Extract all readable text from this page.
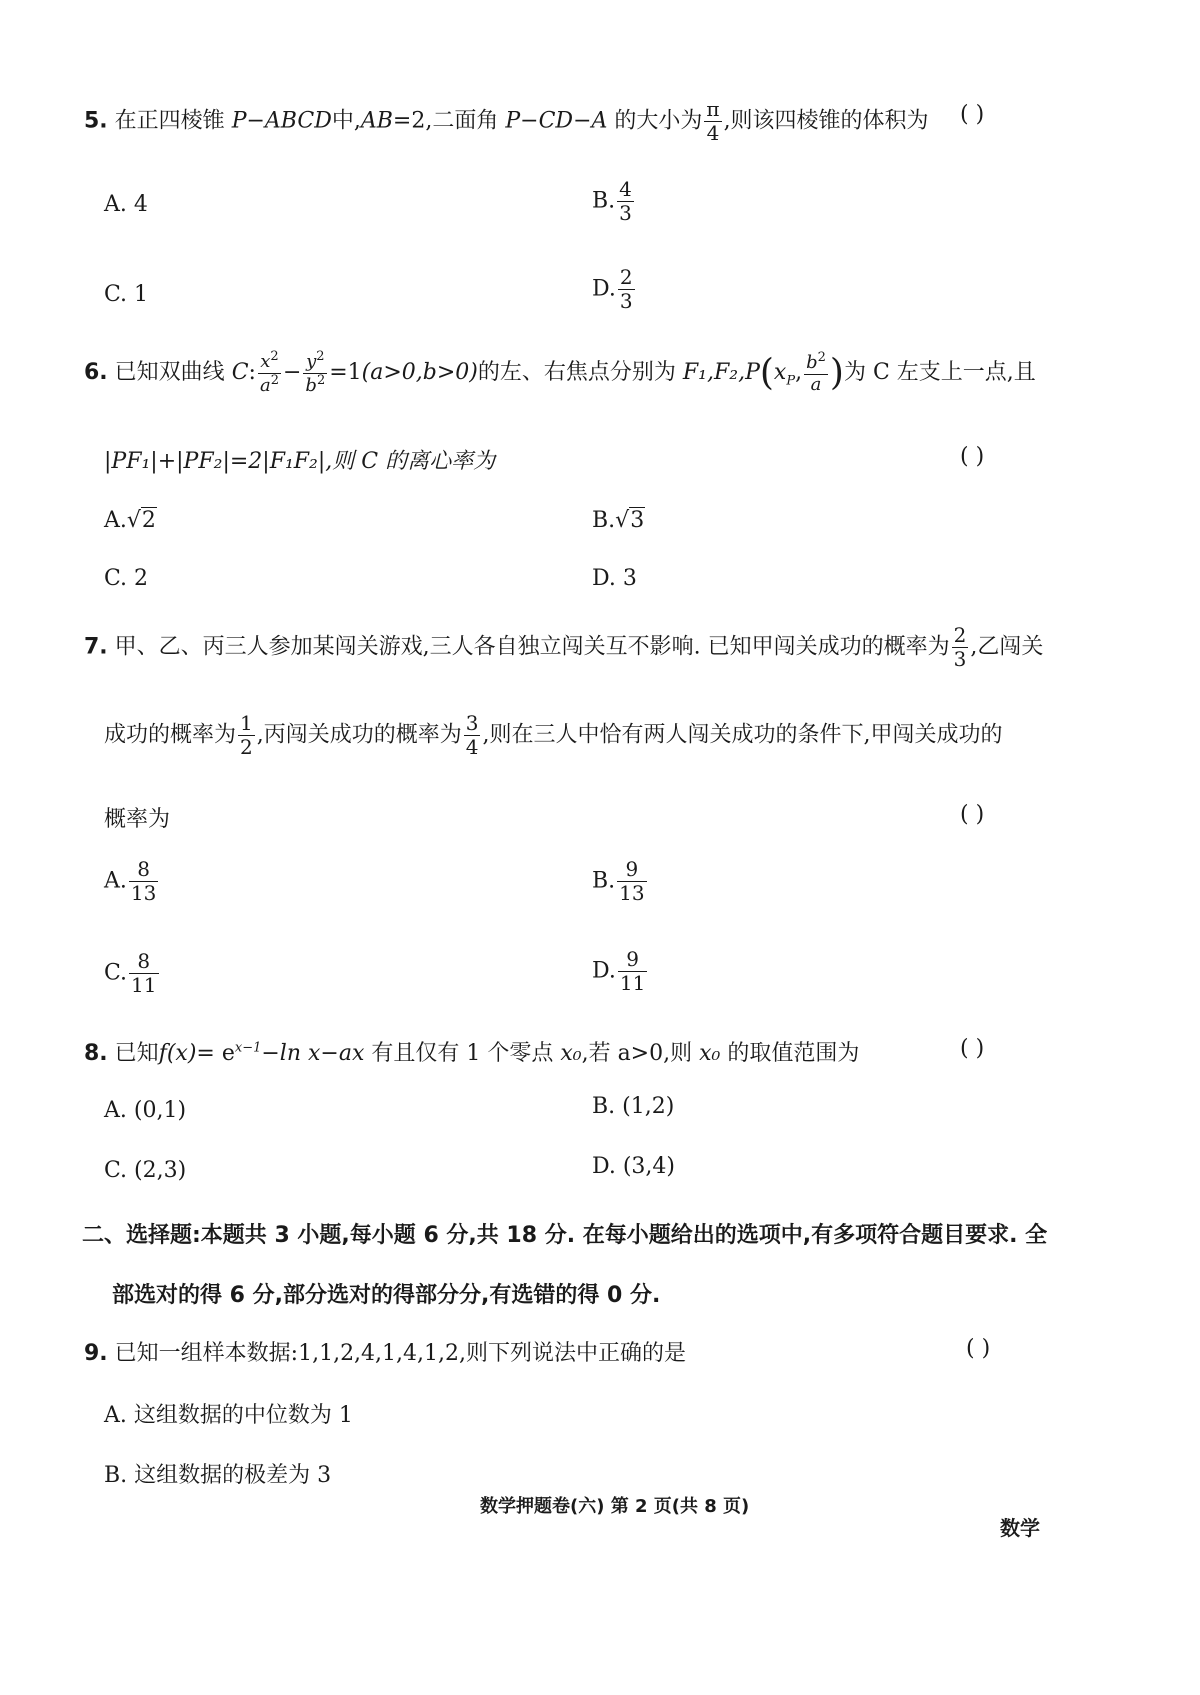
5. 在正四棱锥 P−ABCD中,AB=2,二面角 P−CD−A 的大小为 $\frac{\pi}{4}$ ,则该四棱锥的体积为 ( )
A. 4	B. $\frac{4}{3}$
C. 1	D. $\frac{2}{3}$
6. 已知双曲线 C: $\frac{x^2}{a^2} - \frac{y^2}{b^2} =1(a>0,b>0)$的左、右焦点分别为 $F_1,F_2,P(x_P$, $\frac{b^2}{a}$ )为 C 左支上一点,且
|PF₁|+|PF₂|=2|F₁F₂|,则 C 的离心率为	( )
A.√2	B.√3
C. 2	D. 3
7. 甲、乙、丙三人参加某闯关游戏,三人各自独立闯关互不影响. 已知甲闯关成功的概率为 $\frac{2}{3}$ ,乙闯关
成功的概率为 $\frac{1}{2}$ ,丙闯关成功的概率为 $\frac{3}{4}$ ,则在三人中恰有两人闯关成功的条件下,甲闯关成功的
概率为	( )
A. $\frac{8}{13}$	B. $\frac{9}{13}$
C. $\frac{8}{11}$	D. $\frac{9}{11}$
8. 已知$f(x)= e^{x-1}-\ln$ x−ax 有且仅有 1 个零点 x₀,若 a>0,则 x₀ 的取值范围为	( )
A. (0,1)	B. (1,2)
C. (2,3)	D. (3,4)
二、选择题:本题共 3 小题,每小题 6 分,共 18 分. 在每小题给出的选项中,有多项符合题目要求. 全
部选对的得 6 分,部分选对的得部分分,有选错的得 0 分.
9. 已知一组样本数据:1,1,2,4,1,4,1,2,则下列说法中正确的是	( )
A. 这组数据的中位数为 1
B. 这组数据的极差为 3
数学押题卷(六) 第 2 页(共 8 页)
数学
